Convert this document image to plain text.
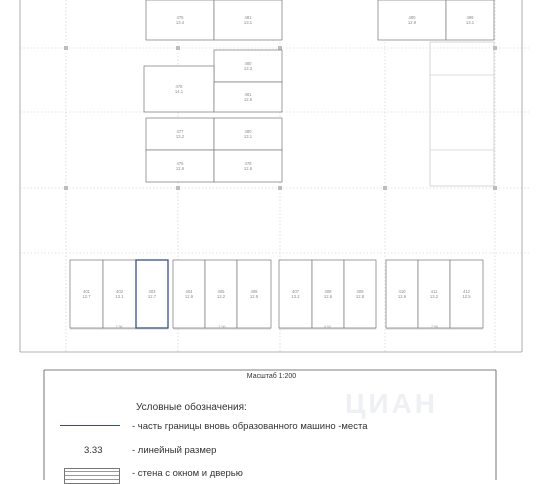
475
13.4
481
13.1
480
13.3
478
14.1
481
12.5
477
13.2
480
13.1
476
12.6
479
12.6
480
12.9
499
13.1
401
12.7
402
13.1
403
12.7
404
12.9
405
13.2
406
12.9
407
13.2
408
12.6
409
12.8
410
12.9
411
13.2
412
12.5
7.96	7.96	8.00	7.96
ЦИАН
Масштаб 1:200
Условные обозначения:
- часть границы вновь образованного машино -места
3.33	- линейный размер
- стена с окном и дверью
